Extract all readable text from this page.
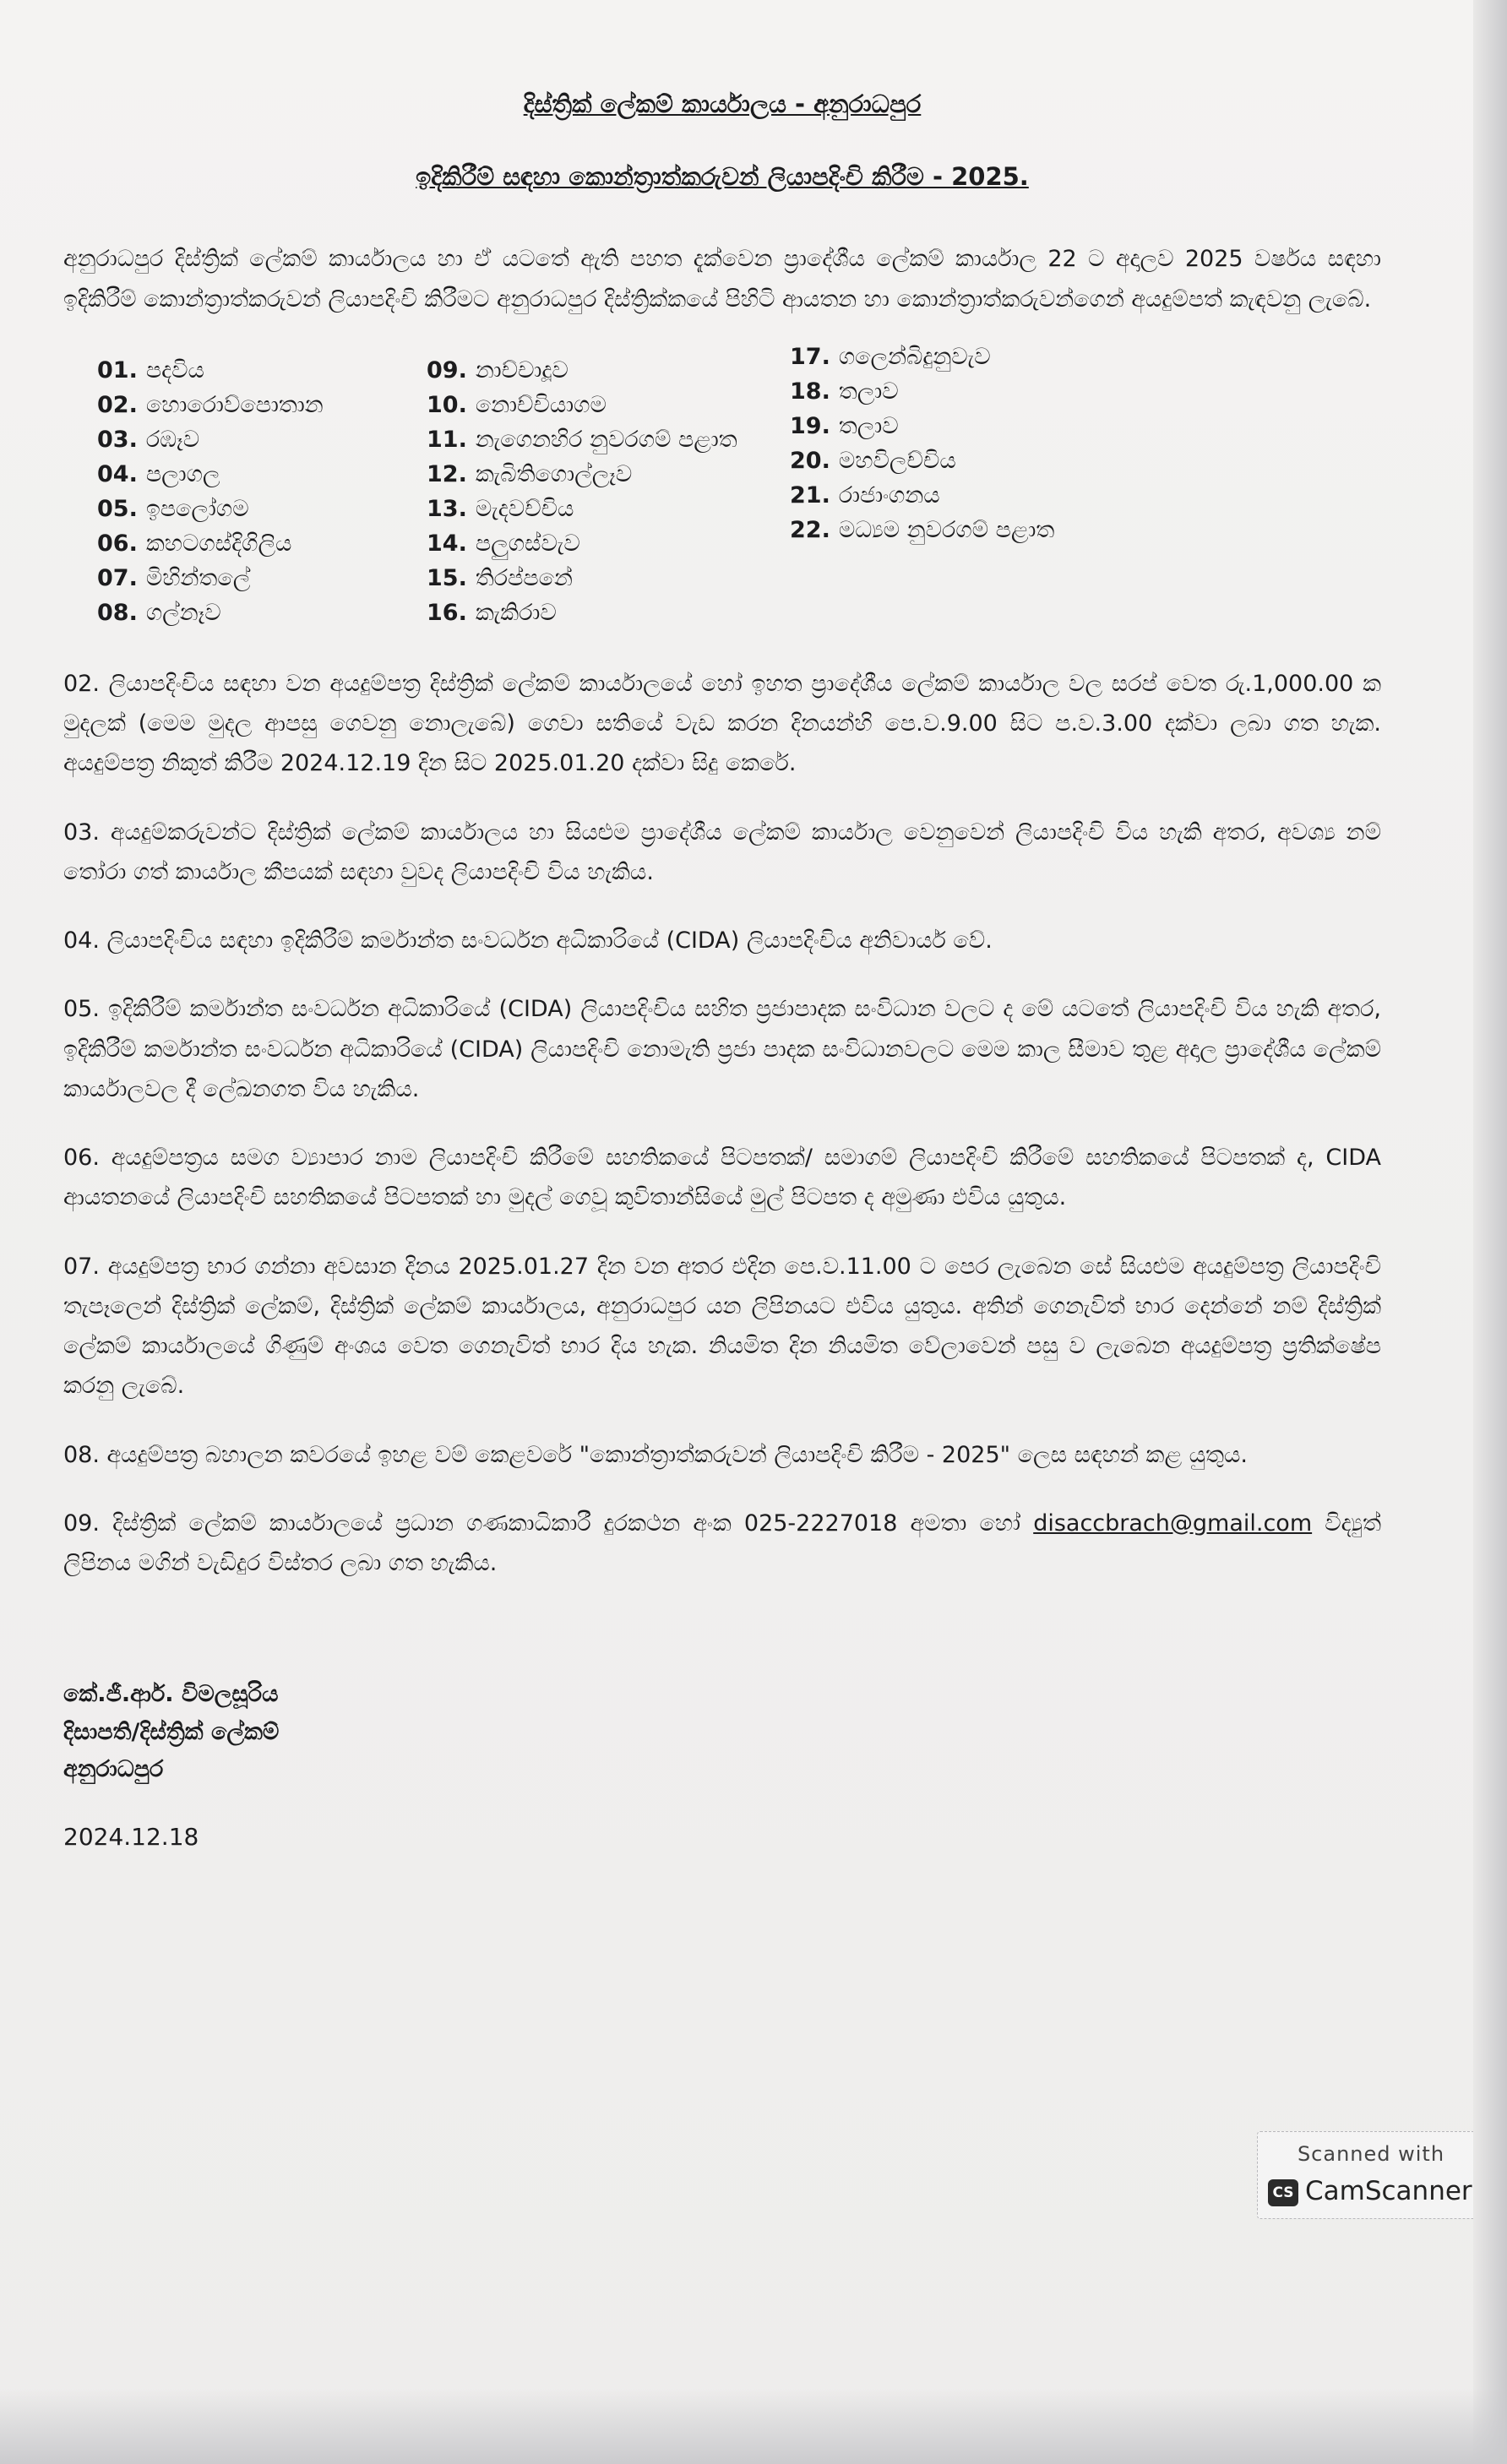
දිස්ත්‍රික් ලේකම් කාර්යාලය - අනුරාධපුර
ඉදිකිරීම් සඳහා කොන්ත්‍රාත්කරුවන් ලියාපදිංචි කිරීම - 2025.

අනුරාධපුර දිස්ත්‍රික් ලේකම් කාර්යාලය හා ඒ යටතේ ඇති පහත දැක්වෙන ප්‍රාදේශීය ලේකම් කාර්යාල 22 ට අදාලව 2025 වර්ෂය සඳහා ඉදිකිරීම් කොන්ත්‍රාත්කරුවන් ලියාපදිංචි කිරීමට අනුරාධපුර දිස්ත්‍රික්කයේ පිහිටි ආයතන හා කොන්ත්‍රාත්කරුවන්ගෙන් අයදුම්පත් කැඳවනු ලැබේ.

01. පදවිය
02. හොරොව්පොතාන
03. රඹෑව
04. පලාගල
05. ඉපලෝගම
06. කහටගස්දිගිලිය
07. මිහින්තලේ
08. ගල්නෑව
09. නාච්චාදූව
10. නොච්චියාගම
11. නැගෙනහිර නුවරගම් පළාත
12. කැබිතිගොල්ලෑව
13. මැදවච්චිය
14. පලුගස්වැව
15. තිරප්පනේ
16. කැකිරාව
17. ගලෙන්බිදුනුවැව
18. තලාව
19. තලාව
20. මහවිලච්චිය
21. රාජාංගනය
22. මධ්‍යම නුවරගම් පළාත

02. ලියාපදිංචිය සඳහා වන අයදුම්පත්‍ර දිස්ත්‍රික් ලේකම් කාර්යාලයේ හෝ ඉහත ප්‍රාදේශීය ලේකම් කාර්යාල වල සරප් වෙත රු.1,000.00 ක මුදලක් (මෙම මුදල ආපසු ගෙවනු නොලැබේ) ගෙවා සතියේ වැඩ කරන දිනයන්හි පෙ.ව.9.00 සිට ප.ව.3.00 දක්වා ලබා ගත හැක. අයදුම්පත්‍ර නිකුත් කිරීම 2024.12.19 දින සිට 2025.01.20 දක්වා සිදු කෙරේ.

03. අයදුම්කරුවන්ට දිස්ත්‍රික් ලේකම් කාර්යාලය හා සියළුම ප්‍රාදේශීය ලේකම් කාර්යාල වෙනුවෙන් ලියාපදිංචි විය හැකි අතර, අවශ්‍ය නම් තෝරා ගත් කාර්යාල කීපයක් සඳහා වුවද ලියාපදිංචි විය හැකිය.

04. ලියාපදිංචිය සඳහා ඉදිකිරීම් කර්මාන්ත සංවර්ධන අධිකාරියේ (CIDA) ලියාපදිංචිය අනිවාර්ය වේ.

05. ඉදිකිරීම් කර්මාන්ත සංවර්ධන අධිකාරියේ (CIDA) ලියාපදිංචිය සහිත ප්‍රජාපාදක සංවිධාන වලට ද මේ යටතේ ලියාපදිංචි විය හැකි අතර, ඉදිකිරීම් කර්මාන්ත සංවර්ධන අධිකාරියේ (CIDA) ලියාපදිංචි නොමැති ප්‍රජා පාදක සංවිධානවලට මෙම කාල සීමාව තුළ අදාල ප්‍රාදේශීය ලේකම් කාර්යාලවල දී ලේඛනගත විය හැකිය.

06. අයදුම්පත්‍රය සමග ව්‍යාපාර නාම ලියාපදිංචි කිරීමේ සහතිකයේ පිටපතක්/ සමාගම් ලියාපදිංචි කිරීමේ සහතිකයේ පිටපතක් ද, CIDA ආයතනයේ ලියාපදිංචි සහතිකයේ පිටපතක් හා මුදල් ගෙවූ කුවිතාන්සියේ මුල් පිටපත ද අමුණා එවිය යුතුය.

07. අයදුම්පත්‍ර භාර ගන්නා අවසාන දිනය 2025.01.27 දින වන අතර එදින පෙ.ව.11.00 ට පෙර ලැබෙන සේ සියළුම අයදුම්පත්‍ර ලියාපදිංචි තැපෑලෙන් දිස්ත්‍රික් ලේකම්, දිස්ත්‍රික් ලේකම් කාර්යාලය, අනුරාධපුර යන ලිපිනයට එවිය යුතුය. අතින් ගෙනැවිත් භාර දෙන්නේ නම් දිස්ත්‍රික් ලේකම් කාර්යාලයේ ගිණුම් අංශය වෙත ගෙනැවිත් භාර දිය හැක. නියමිත දින නියමිත වේලාවෙන් පසු ව ලැබෙන අයදුම්පත්‍ර ප්‍රතික්ෂේප කරනු ලැබේ.

08. අයදුම්පත්‍ර බහාලන කවරයේ ඉහළ වම් කෙළවරේ "කොන්ත්‍රාත්කරුවන් ලියාපදිංචි කිරීම - 2025" ලෙස සඳහන් කළ යුතුය.

09. දිස්ත්‍රික් ලේකම් කාර්යාලයේ ප්‍රධාන ගණකාධිකාරී දුරකථන අංක 025-2227018 අමතා හෝ disaccbrach@gmail.com විද්‍යුත් ලිපිනය මගින් වැඩිදුර විස්තර ලබා ගත හැකිය.

කේ.ජී.ආර්. විමලසූරිය
දිසාපති/දිස්ත්‍රික් ලේකම්
අනුරාධපුර
2024.12.18
Scanned with
CS CamScanner
